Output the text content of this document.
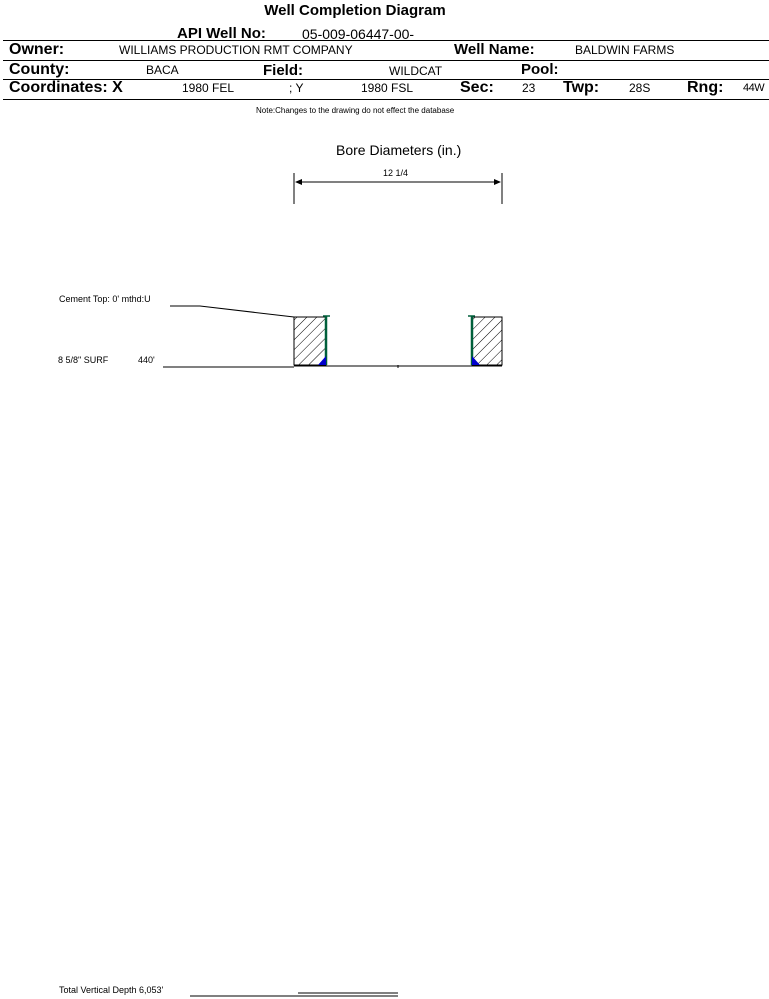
Well Completion Diagram
API Well No:	05-009-06447-00-
Owner:	WILLIAMS PRODUCTION RMT COMPANY	Well Name:	BALDWIN FARMS
County:	BACA	Field:	WILDCAT	Pool:
Coordinates: X	1980 FEL	; Y	1980 FSL	Sec: 23 Twp: 28S Rng: 44W
Note:Changes to the drawing do not effect the database
Bore Diameters (in.)
12 1/4
Cement Top: 0' mthd:U
8 5/8" SURF	440'
Total Vertical Depth 6,053'
